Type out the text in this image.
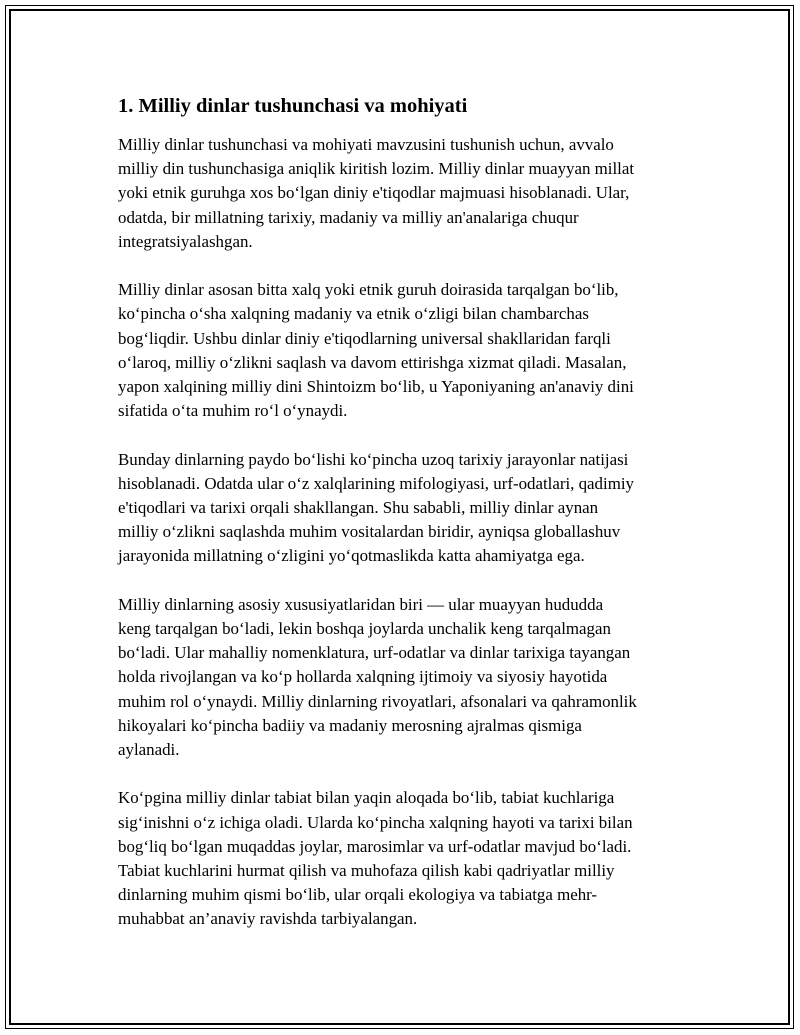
1. Milliy dinlar tushunchasi va mohiyati
Milliy dinlar tushunchasi va mohiyati mavzusini tushunish uchun, avvalo
milliy din tushunchasiga aniqlik kiritish lozim. Milliy dinlar muayyan millat
yoki etnik guruhga xos bo‘lgan diniy e'tiqodlar majmuasi hisoblanadi. Ular,
odatda, bir millatning tarixiy, madaniy va milliy an'analariga chuqur
integratsiyalashgan.
Milliy dinlar asosan bitta xalq yoki etnik guruh doirasida tarqalgan bo‘lib,
ko‘pincha o‘sha xalqning madaniy va etnik o‘zligi bilan chambarchas
bog‘liqdir. Ushbu dinlar diniy e'tiqodlarning universal shakllaridan farqli
o‘laroq, milliy o‘zlikni saqlash va davom ettirishga xizmat qiladi. Masalan,
yapon xalqining milliy dini Shintoizm bo‘lib, u Yaponiyaning an'anaviy dini
sifatida o‘ta muhim ro‘l o‘ynaydi.
Bunday dinlarning paydo bo‘lishi ko‘pincha uzoq tarixiy jarayonlar natijasi
hisoblanadi. Odatda ular o‘z xalqlarining mifologiyasi, urf-odatlari, qadimiy
e'tiqodlari va tarixi orqali shakllangan. Shu sababli, milliy dinlar aynan
milliy o‘zlikni saqlashda muhim vositalardan biridir, ayniqsa globallashuv
jarayonida millatning o‘zligini yo‘qotmaslikda katta ahamiyatga ega.
Milliy dinlarning asosiy xususiyatlaridan biri — ular muayyan hududda
keng tarqalgan bo‘ladi, lekin boshqa joylarda unchalik keng tarqalmagan
bo‘ladi. Ular mahalliy nomenklatura, urf-odatlar va dinlar tarixiga tayangan
holda rivojlangan va ko‘p hollarda xalqning ijtimoiy va siyosiy hayotida
muhim rol o‘ynaydi. Milliy dinlarning rivoyatlari, afsonalari va qahramonlik
hikoyalari ko‘pincha badiiy va madaniy merosning ajralmas qismiga
aylanadi.
Ko‘pgina milliy dinlar tabiat bilan yaqin aloqada bo‘lib, tabiat kuchlariga
sig‘inishni o‘z ichiga oladi. Ularda ko‘pincha xalqning hayoti va tarixi bilan
bog‘liq bo‘lgan muqaddas joylar, marosimlar va urf-odatlar mavjud bo‘ladi.
Tabiat kuchlarini hurmat qilish va muhofaza qilish kabi qadriyatlar milliy
dinlarning muhim qismi bo‘lib, ular orqali ekologiya va tabiatga mehr-
muhabbat an’anaviy ravishda tarbiyalangan.
